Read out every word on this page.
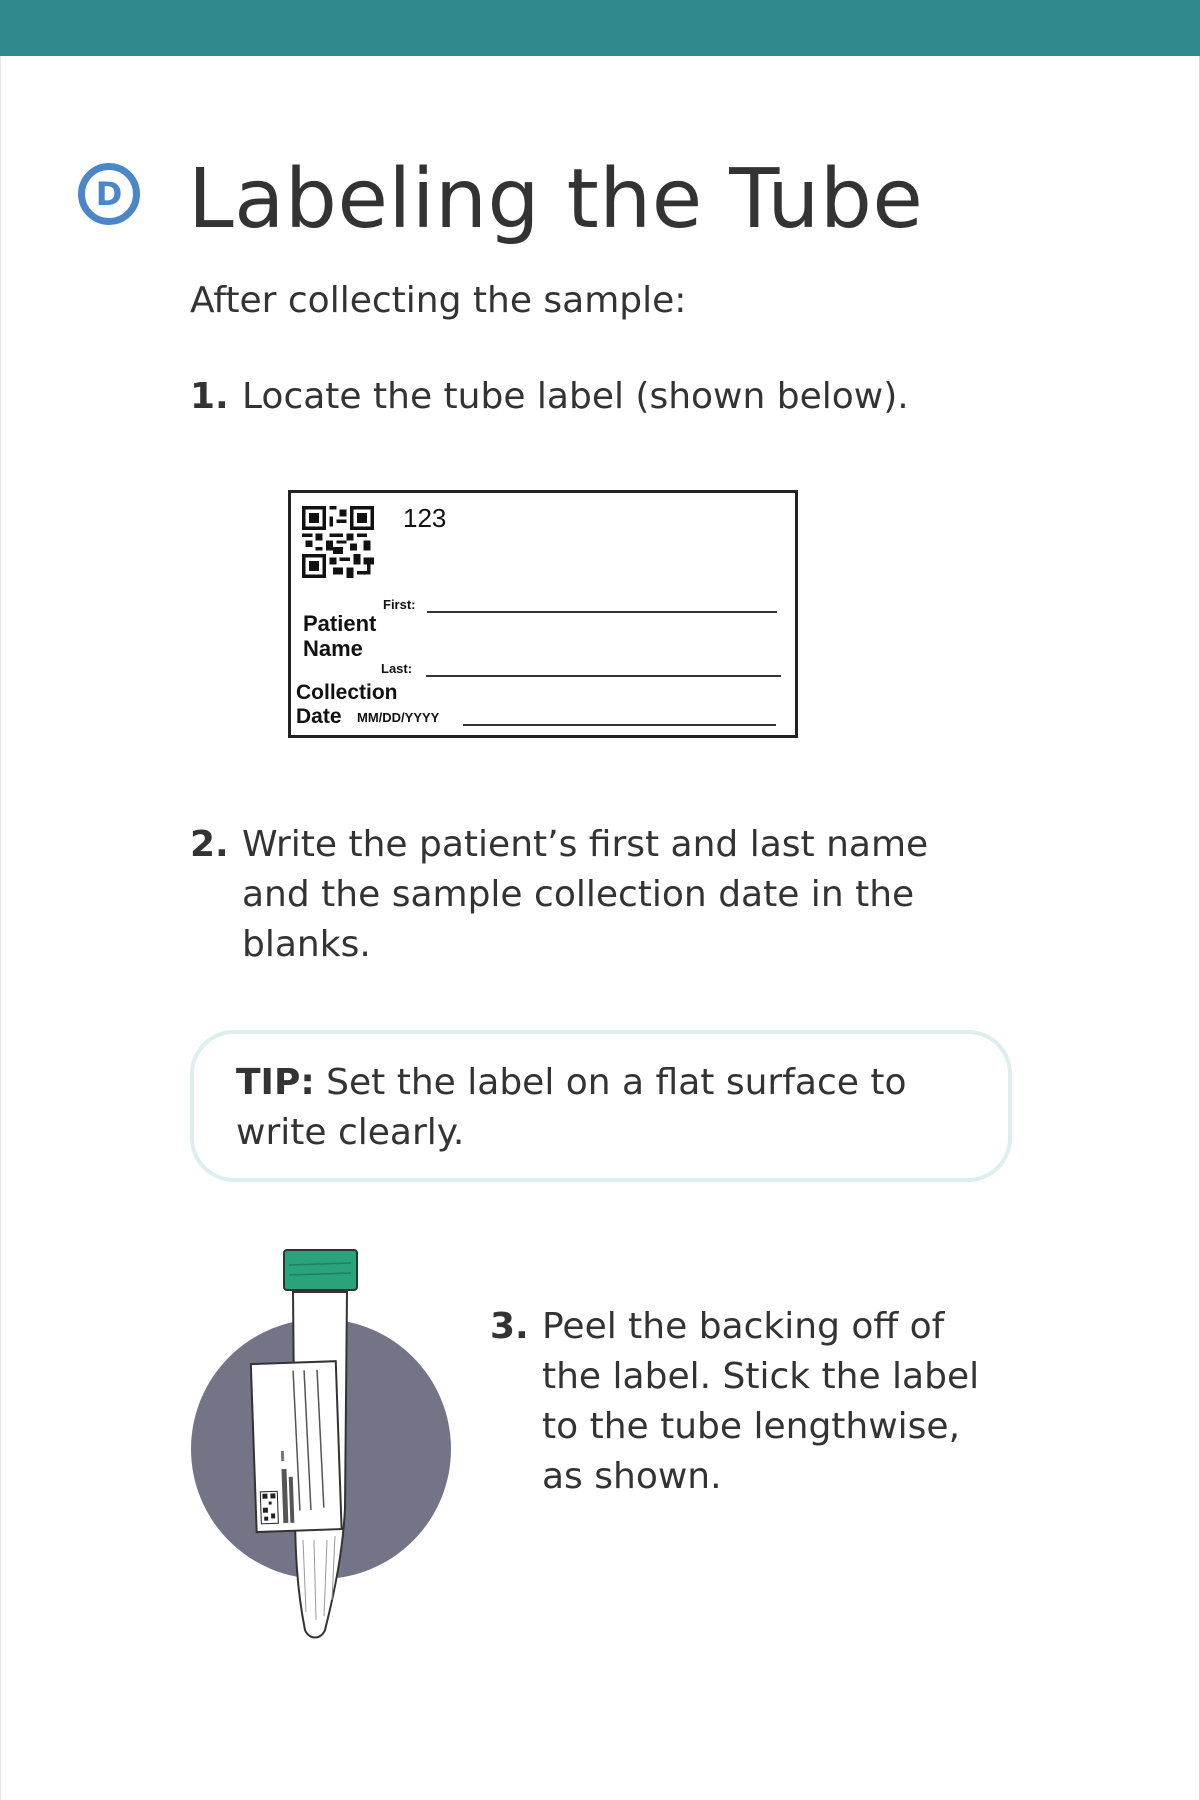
D Labeling the Tube
After collecting the sample:
1. Locate the tube label (shown below).
123
First:
Patient Name
Last:
Collection Date	MM/DD/YYYY
2. Write the patient’s first and last name and the sample collection date in the blanks.
TIP: Set the label on a flat surface to write clearly.
3. Peel the backing off of the label. Stick the label to the tube lengthwise, as shown.
